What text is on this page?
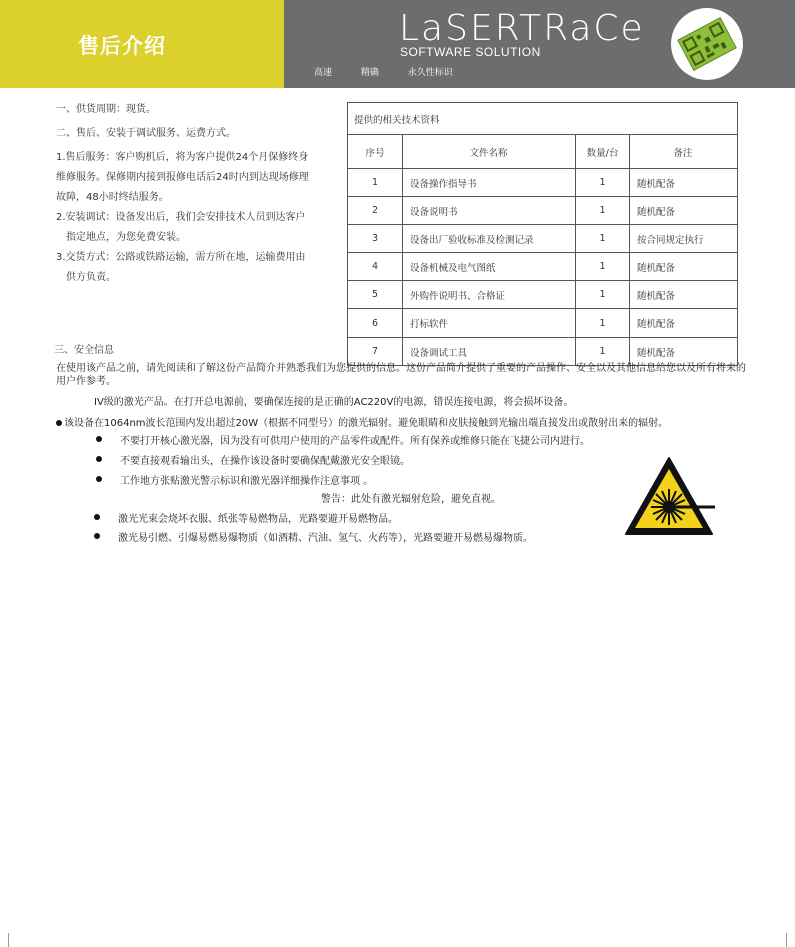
售后介绍	LaSERTRaCe
SOFTWARE SOLUTION
高速	精确	永久性标识

一、供货周期：现货。

二、售后、安装于调试服务、运费方式。

1.售后服务：客户购机后，将为客户提供24个月保修终身

维修服务。保修期内接到报修电话后24时内到达现场修理

故障，48小时终结服务。

2.安装调试：设备发出后，我们会安排技术人员到达客户

指定地点，为您免费安装。

3.交货方式：公路或铁路运输，需方所在地，运输费用由

供方负责。

提供的相关技术资料			
序号	文件名称	数量/台	备注
1	设备操作指导书	1	随机配备
2	设备说明书	1	随机配备
3	设备出厂验收标准及检测记录	1	按合同规定执行
4	设备机械及电气图纸	1	随机配备
5	外购件说明书、合格证	1	随机配备
6	打标软件	1	随机配备
7	设备调试工具	1	随机配备
三、安全信息
在使用该产品之前，请先阅读和了解这份产品简介并熟悉我们为您提供的信息。这份产品简介提供了重要的产品操作、安全以及其他信息给您以及所有将来的用户作参考。
IV级的激光产品。在打开总电源前，要确保连接的是正确的AC220V的电源，错误连接电源，将会损坏设备。
该设备在1064nm波长范围内发出超过20W（根据不同型号）的激光辐射。避免眼睛和皮肤接触到光输出端直接发出或散射出来的辐射。
不要打开核心激光器，因为没有可供用户使用的产品零件或配件。所有保养或维修只能在飞捷公司内进行。
不要直接观看输出头，在操作该设备时要确保配戴激光安全眼镜。
工作地方张贴激光警示标识和激光器详细操作注意事项 。
警告：此处有激光辐射危险，避免直视。
激光光束会烧坏衣服、纸张等易燃物品，光路要避开易燃物品。
激光易引燃、引爆易燃易爆物质（如酒精、汽油、氢气、火药等），光路要避开易燃易爆物质。
